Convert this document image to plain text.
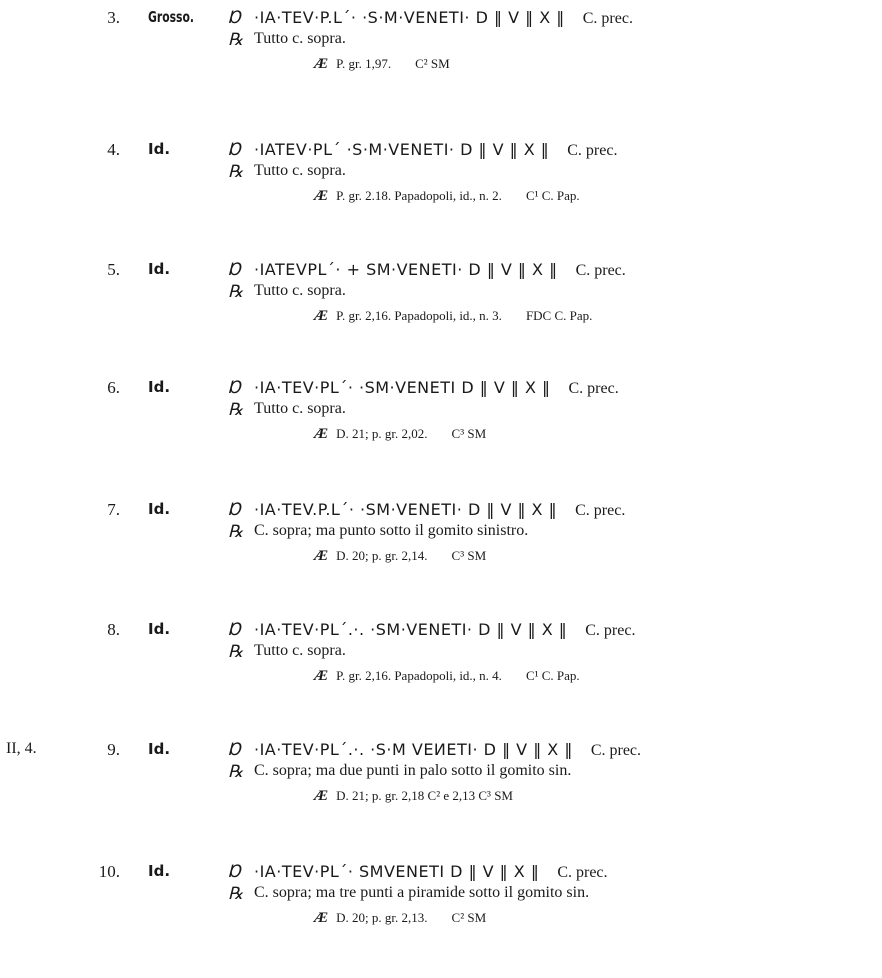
3. Grosso. Ɒ ·IA·TEV·P.L´· ·S·M·VENETI· D ‖ V ‖ X ‖ C. prec.
℞ Tutto c. sopra.
Æ P. gr. 1,97. C² SM
4. Id.	Ɒ ·IATEV·PL´ ·S·M·VENETI· D ‖ V ‖ X ‖ C. prec.
℞ Tutto c. sopra.
Æ P. gr. 2.18. Papadopoli, id., n. 2. C¹ C. Pap.
5. Id.	Ɒ ·IATEVPL´· + SM·VENETI· D ‖ V ‖ X ‖ C. prec.
℞ Tutto c. sopra.
Æ P. gr. 2,16. Papadopoli, id., n. 3. FDC C. Pap.
6. Id.	Ɒ ·IA·TEV·PL´· ·SM·VENETI D ‖ V ‖ X ‖ C. prec.
℞ Tutto c. sopra.
Æ D. 21; p. gr. 2,02. C³ SM
7. Id.	Ɒ ·IA·TEV.P.L´· ·SM·VENETI· D ‖ V ‖ X ‖ C. prec.
℞ C. sopra; ma punto sotto il gomito sinistro.
Æ D. 20; p. gr. 2,14. C³ SM
8. Id.	Ɒ ·IA·TEV·PL´.·. ·SM·VENETI· D ‖ V ‖ X ‖ C. prec.
℞ Tutto c. sopra.
Æ P. gr. 2,16. Papadopoli, id., n. 4. C¹ C. Pap.
II, 4.	9. Id.	Ɒ ·IA·TEV·PL´.·. ·S·M VEИETI· D ‖ V ‖ X ‖ C. prec.
℞ C. sopra; ma due punti in palo sotto il gomito sin.
Æ D. 21; p. gr. 2,18 C² e 2,13 C³ SM
10. Id.	Ɒ ·IA·TEV·PL´· SMVENETI D ‖ V ‖ X ‖ C. prec.
℞ C. sopra; ma tre punti a piramide sotto il gomito sin.
Æ D. 20; p. gr. 2,13. C² SM
